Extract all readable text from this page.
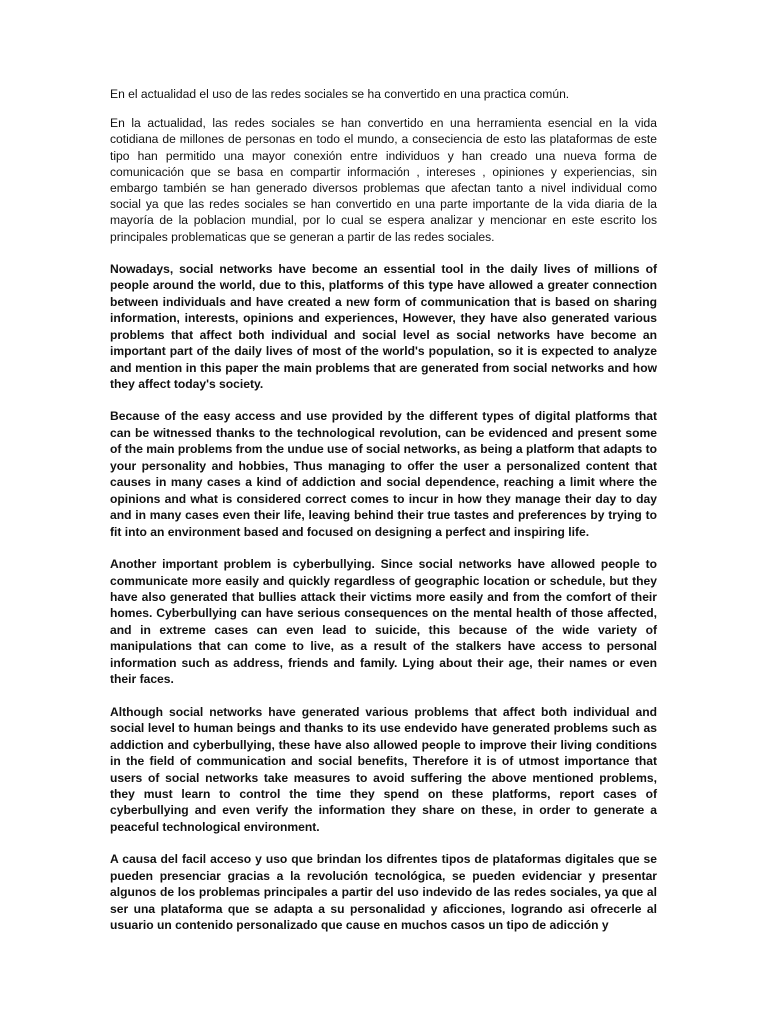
En el actualidad el uso de las redes sociales se ha convertido en una practica común.

En la actualidad, las redes sociales se han convertido en una herramienta esencial en la vida cotidiana de millones de personas en todo el mundo, a conseciencia de esto las plataformas de este tipo han permitido una mayor conexión entre individuos y han creado una nueva forma de comunicación que se basa en compartir información , intereses , opiniones y experiencias, sin embargo también se han generado diversos problemas que afectan tanto a nivel individual como social ya que las redes sociales se han convertido en una parte importante de la vida diaria de la mayoría de la poblacion mundial, por lo cual se espera analizar y mencionar en este escrito los principales problematicas que se generan a partir de las redes sociales.

Nowadays, social networks have become an essential tool in the daily lives of millions of people around the world, due to this, platforms of this type have allowed a greater connection between individuals and have created a new form of communication that is based on sharing information, interests, opinions and experiences, However, they have also generated various problems that affect both individual and social level as social networks have become an important part of the daily lives of most of the world's population, so it is expected to analyze and mention in this paper the main problems that are generated from social networks and how they affect today's society.

Because of the easy access and use provided by the different types of digital platforms that can be witnessed thanks to the technological revolution, can be evidenced and present some of the main problems from the undue use of social networks, as being a platform that adapts to your personality and hobbies, Thus managing to offer the user a personalized content that causes in many cases a kind of addiction and social dependence, reaching a limit where the opinions and what is considered correct comes to incur in how they manage their day to day and in many cases even their life, leaving behind their true tastes and preferences by trying to fit into an environment based and focused on designing a perfect and inspiring life.

Another important problem is cyberbullying. Since social networks have allowed people to communicate more easily and quickly regardless of geographic location or schedule, but they have also generated that bullies attack their victims more easily and from the comfort of their homes. Cyberbullying can have serious consequences on the mental health of those affected, and in extreme cases can even lead to suicide, this because of the wide variety of manipulations that can come to live, as a result of the stalkers have access to personal information such as address, friends and family. Lying about their age, their names or even their faces.

Although social networks have generated various problems that affect both individual and social level to human beings and thanks to its use endevido have generated problems such as addiction and cyberbullying, these have also allowed people to improve their living conditions in the field of communication and social benefits, Therefore it is of utmost importance that users of social networks take measures to avoid suffering the above mentioned problems, they must learn to control the time they spend on these platforms, report cases of cyberbullying and even verify the information they share on these, in order to generate a peaceful technological environment.

A causa del facil acceso y uso que brindan los difrentes tipos de plataformas digitales que se pueden presenciar gracias a la revolución tecnológica, se pueden evidenciar y presentar algunos de los problemas principales a partir del uso indevido de las redes sociales, ya que al ser una plataforma que se adapta a su personalidad y aficciones, logrando asi ofrecerle al usuario un contenido personalizado que cause en muchos casos un tipo de adicción y
